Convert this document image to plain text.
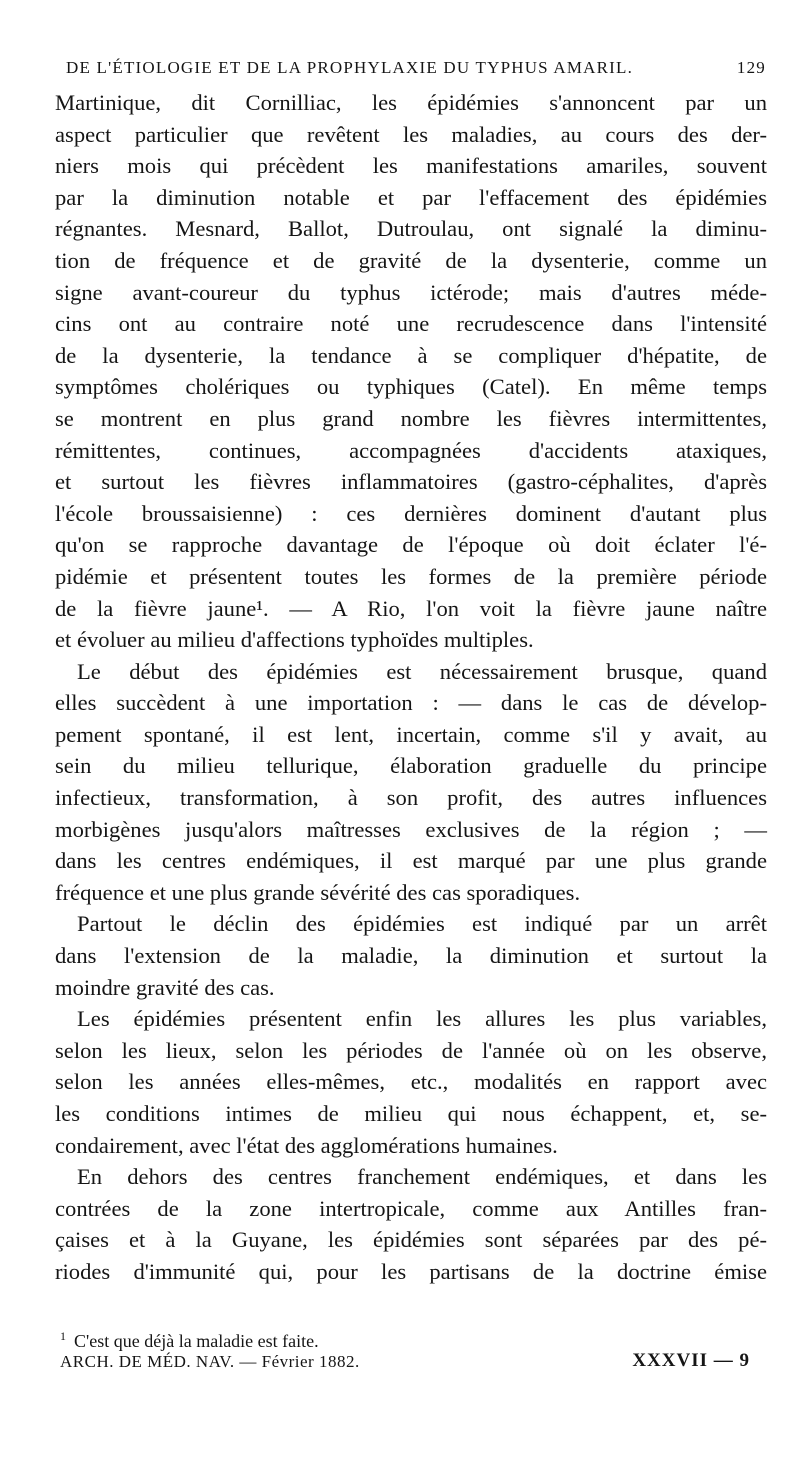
DE L'ÉTIOLOGIE ET DE LA PROPHYLAXIE DU TYPHUS AMARIL.	129
Martinique, dit Cornilliac, les épidémies s'annoncent par un
aspect particulier que revêtent les maladies, au cours des der-
niers mois qui précèdent les manifestations amariles, souvent
par la diminution notable et par l'effacement des épidémies
régnantes. Mesnard, Ballot, Dutroulau, ont signalé la diminu-
tion de fréquence et de gravité de la dysenterie, comme un
signe avant-coureur du typhus ictérode; mais d'autres méde-
cins ont au contraire noté une recrudescence dans l'intensité
de la dysenterie, la tendance à se compliquer d'hépatite, de
symptômes cholériques ou typhiques (Catel). En même temps
se montrent en plus grand nombre les fièvres intermittentes,
rémittentes, continues, accompagnées d'accidents ataxiques,
et surtout les fièvres inflammatoires (gastro-céphalites, d'après
l'école broussaisienne) : ces dernières dominent d'autant plus
qu'on se rapproche davantage de l'époque où doit éclater l'é-
pidémie et présentent toutes les formes de la première période
de la fièvre jaune¹. — A Rio, l'on voit la fièvre jaune naître
et évoluer au milieu d'affections typhoïdes multiples.
Le début des épidémies est nécessairement brusque, quand
elles succèdent à une importation : — dans le cas de dévelop-
pement spontané, il est lent, incertain, comme s'il y avait, au
sein du milieu tellurique, élaboration graduelle du principe
infectieux, transformation, à son profit, des autres influences
morbigènes jusqu'alors maîtresses exclusives de la région ; —
dans les centres endémiques, il est marqué par une plus grande
fréquence et une plus grande sévérité des cas sporadiques.
Partout le déclin des épidémies est indiqué par un arrêt
dans l'extension de la maladie, la diminution et surtout la
moindre gravité des cas.
Les épidémies présentent enfin les allures les plus variables,
selon les lieux, selon les périodes de l'année où on les observe,
selon les années elles-mêmes, etc., modalités en rapport avec
les conditions intimes de milieu qui nous échappent, et, se-
condairement, avec l'état des agglomérations humaines.
En dehors des centres franchement endémiques, et dans les
contrées de la zone intertropicale, comme aux Antilles fran-
çaises et à la Guyane, les épidémies sont séparées par des pé-
riodes d'immunité qui, pour les partisans de la doctrine émise
$^1$ C'est que déjà la maladie est faite.
ARCH. DE MÉD. NAV. — Février 1882.	XXXVII — 9
